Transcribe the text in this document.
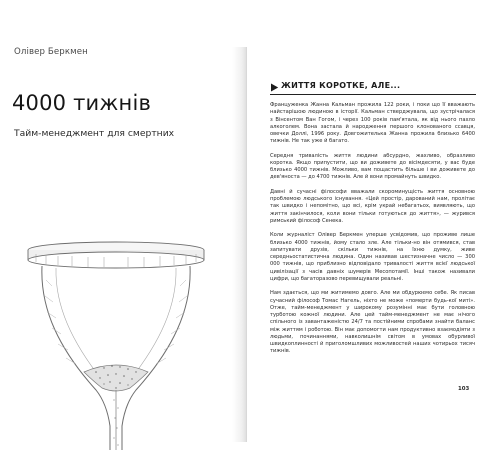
Олівер Беркмен
4000 тижнів
Тайм-менеджмент для смертних
ЖИТТЯ КОРОТКЕ, АЛЕ...

Француженка Жанна Кальман прожила 122 роки, і поки що її вважають найстарішою людиною в історії. Кальман стверджувала, що зустрічалася з Вінсентом Ван Гогом, і через 100 років пам'ятала, як від нього пахло алкоголем. Вона застала й народження першого клонованого ссавця, овечки Доллі, 1996 року. Довгожителька Жанна прожила близько 6400 тижнів. Не так уже й багато.

Середня тривалість життя людини абсурдно, жахливо, образливо коротка. Якщо припустити, що ви доживете до вісімдесяти, у вас буде близько 4000 тижнів. Можливо, вам пощастить більше і ви доживете до дев'яноста — до 4700 тижнів. Але й вони промайнуть швидко.

Давні й сучасні філософи вважали скороминущість життя основною проблемою людського існування. «Цей простір, дарований нам, пролітає так швидко і непомітно, що всі, крім украй небагатьох, виявляють, що життя закінчилося, коли вони тільки готуються до життя», — журився римський філософ Сенека.

Коли журналіст Олівер Беркмен уперше усвідомив, що проживе лише близько 4000 тижнів, йому стало зле. Але тільки-но він отямився, став запитувати друзів, скільки тижнів, на їхню думку, живе середньостатистична людина. Один називав шестизначне число — 300 000 тижнів, що приблизно відповідало тривалості життя всієї людської цивілізації з часів давніх шумерів Месопотамії. Інші також називали цифри, що багаторазово перевищували реальні.

Нам здається, що ми житимемо довго. Але ми обдурюємо себе. Як писав сучасний філософ Томас Нагель, ніхто не може «померти будь-кої миті». Отже, тайм-менеджмент у широкому розумінні має бути головною турботою кожної людини. Але цей тайм-менеджмент не має нічого спільного із завантаженістю 24/7 та постійними спробами знайти баланс між життям і роботою. Він має допомогти нам продуктивно взаємодіяти з людьми, починаннями, навколишнім світом в умовах обурливої швидкоплинності й приголомшливих можливостей наших чотирьох тисяч тижнів.

103
